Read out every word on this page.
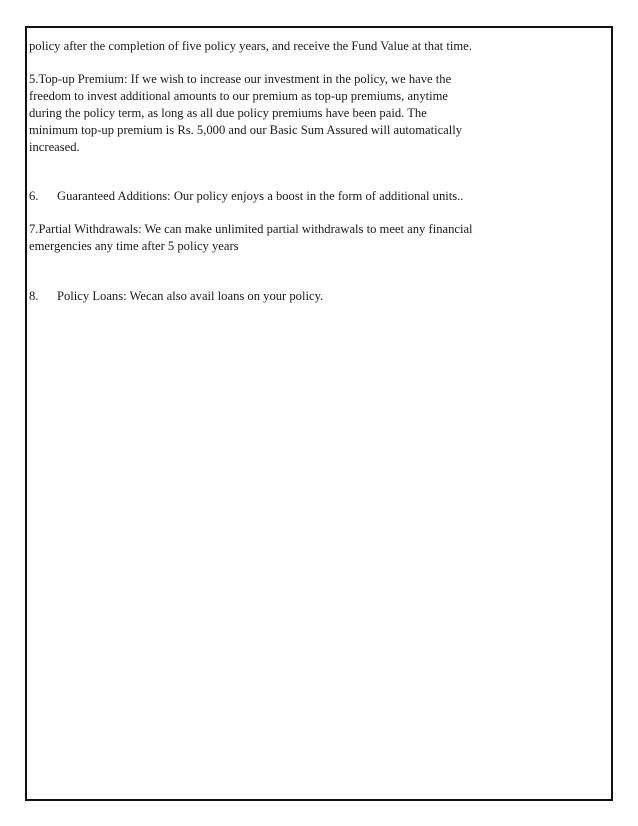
policy after the completion of five policy years, and receive the Fund Value at that time.

5.Top-up Premium: If we wish to increase our investment in the policy, we have the
freedom to invest additional amounts to our premium as top-up premiums, anytime
during the policy term, as long as all due policy premiums have been paid. The
minimum top-up premium is Rs. 5,000 and our Basic Sum Assured will automatically
increased.

6.	Guaranteed Additions: Our policy enjoys a boost in the form of additional units..

7.Partial Withdrawals: We can make unlimited partial withdrawals to meet any financial
emergencies any time after 5 policy years

8.	Policy Loans: Wecan also avail loans on your policy.
